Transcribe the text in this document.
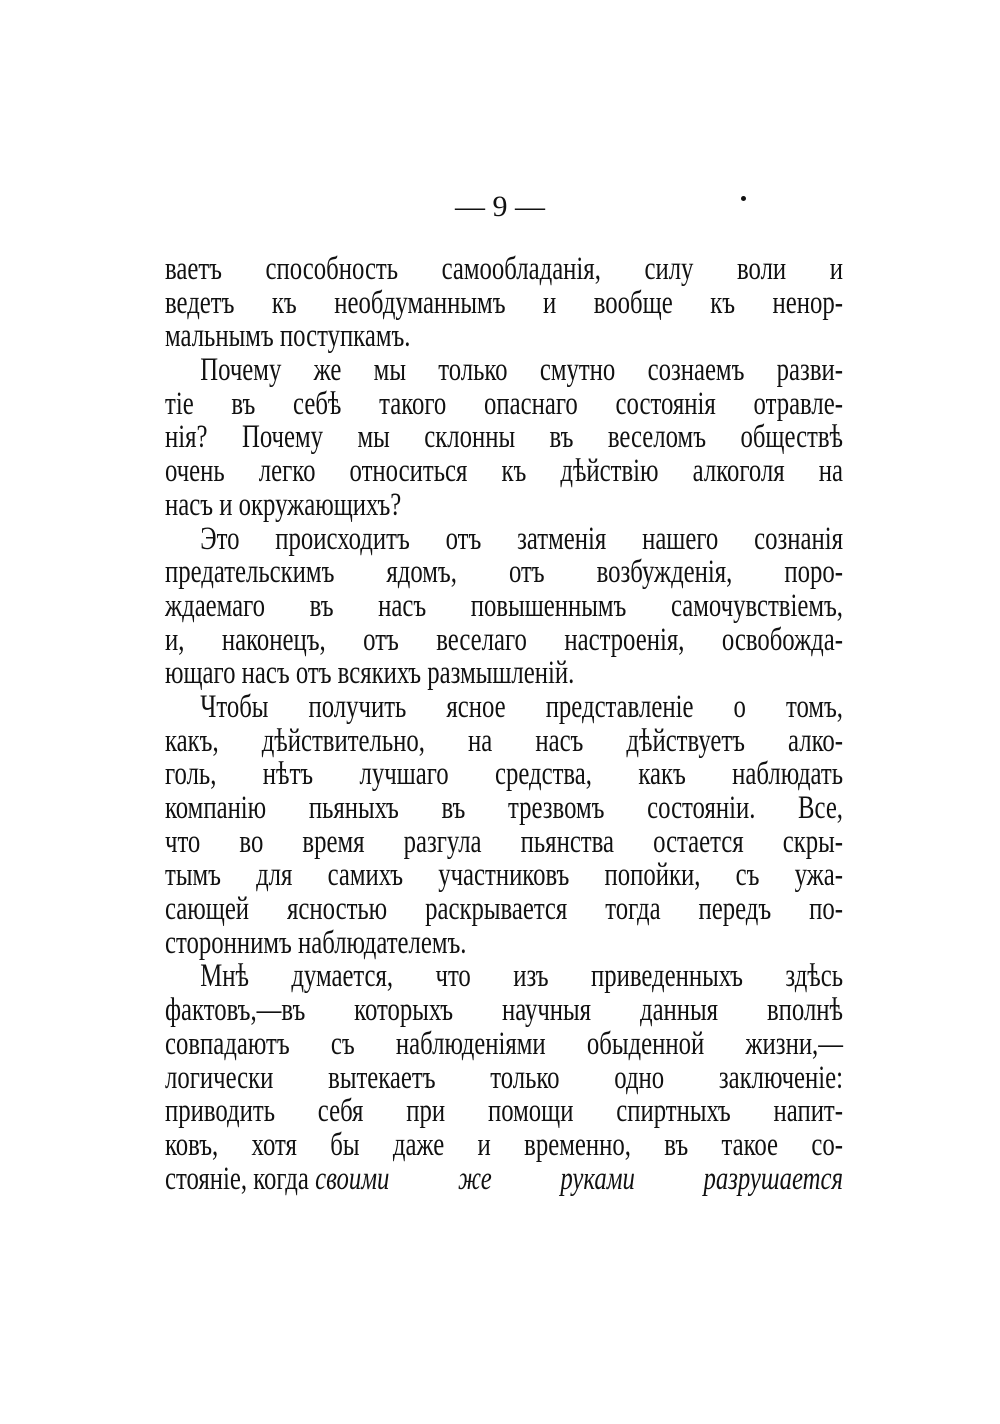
— 9 —
ваетъ способность самообладанія, силу воли и
ведетъ къ необдуманнымъ и вообще къ ненор-
мальнымъ поступкамъ.
Почему же мы только смутно сознаемъ разви-
тіе въ себѣ такого опаснаго состоянія отравле-
нія? Почему мы склонны въ веселомъ обществѣ
очень легко относиться къ дѣйствію алкоголя на
насъ и окружающихъ?
Это происходитъ отъ затменія нашего сознанія
предательскимъ ядомъ, отъ возбужденія, поро-
ждаемаго въ насъ повышеннымъ самочувствіемъ,
и, наконецъ, отъ веселаго настроенія, освобожда-
ющаго насъ отъ всякихъ размышленій.
Чтобы получить ясное представленіе о томъ,
какъ, дѣйствительно, на насъ дѣйствуетъ алко-
голь, нѣтъ лучшаго средства, какъ наблюдать
компанію пьяныхъ въ трезвомъ состояніи. Все,
что во время разгула пьянства остается скры-
тымъ для самихъ участниковъ попойки, съ ужа-
сающей ясностью раскрывается тогда передъ по-
стороннимъ наблюдателемъ.
Мнѣ думается, что изъ приведенныхъ здѣсь
фактовъ,—въ которыхъ научныя данныя вполнѣ
совпадаютъ съ наблюденіями обыденной жизни,—
логически вытекаетъ только одно заключеніе:
приводить себя при помощи спиртныхъ напит-
ковъ, хотя бы даже и временно, въ такое со-
стояніе, когда своими же руками разрушается
